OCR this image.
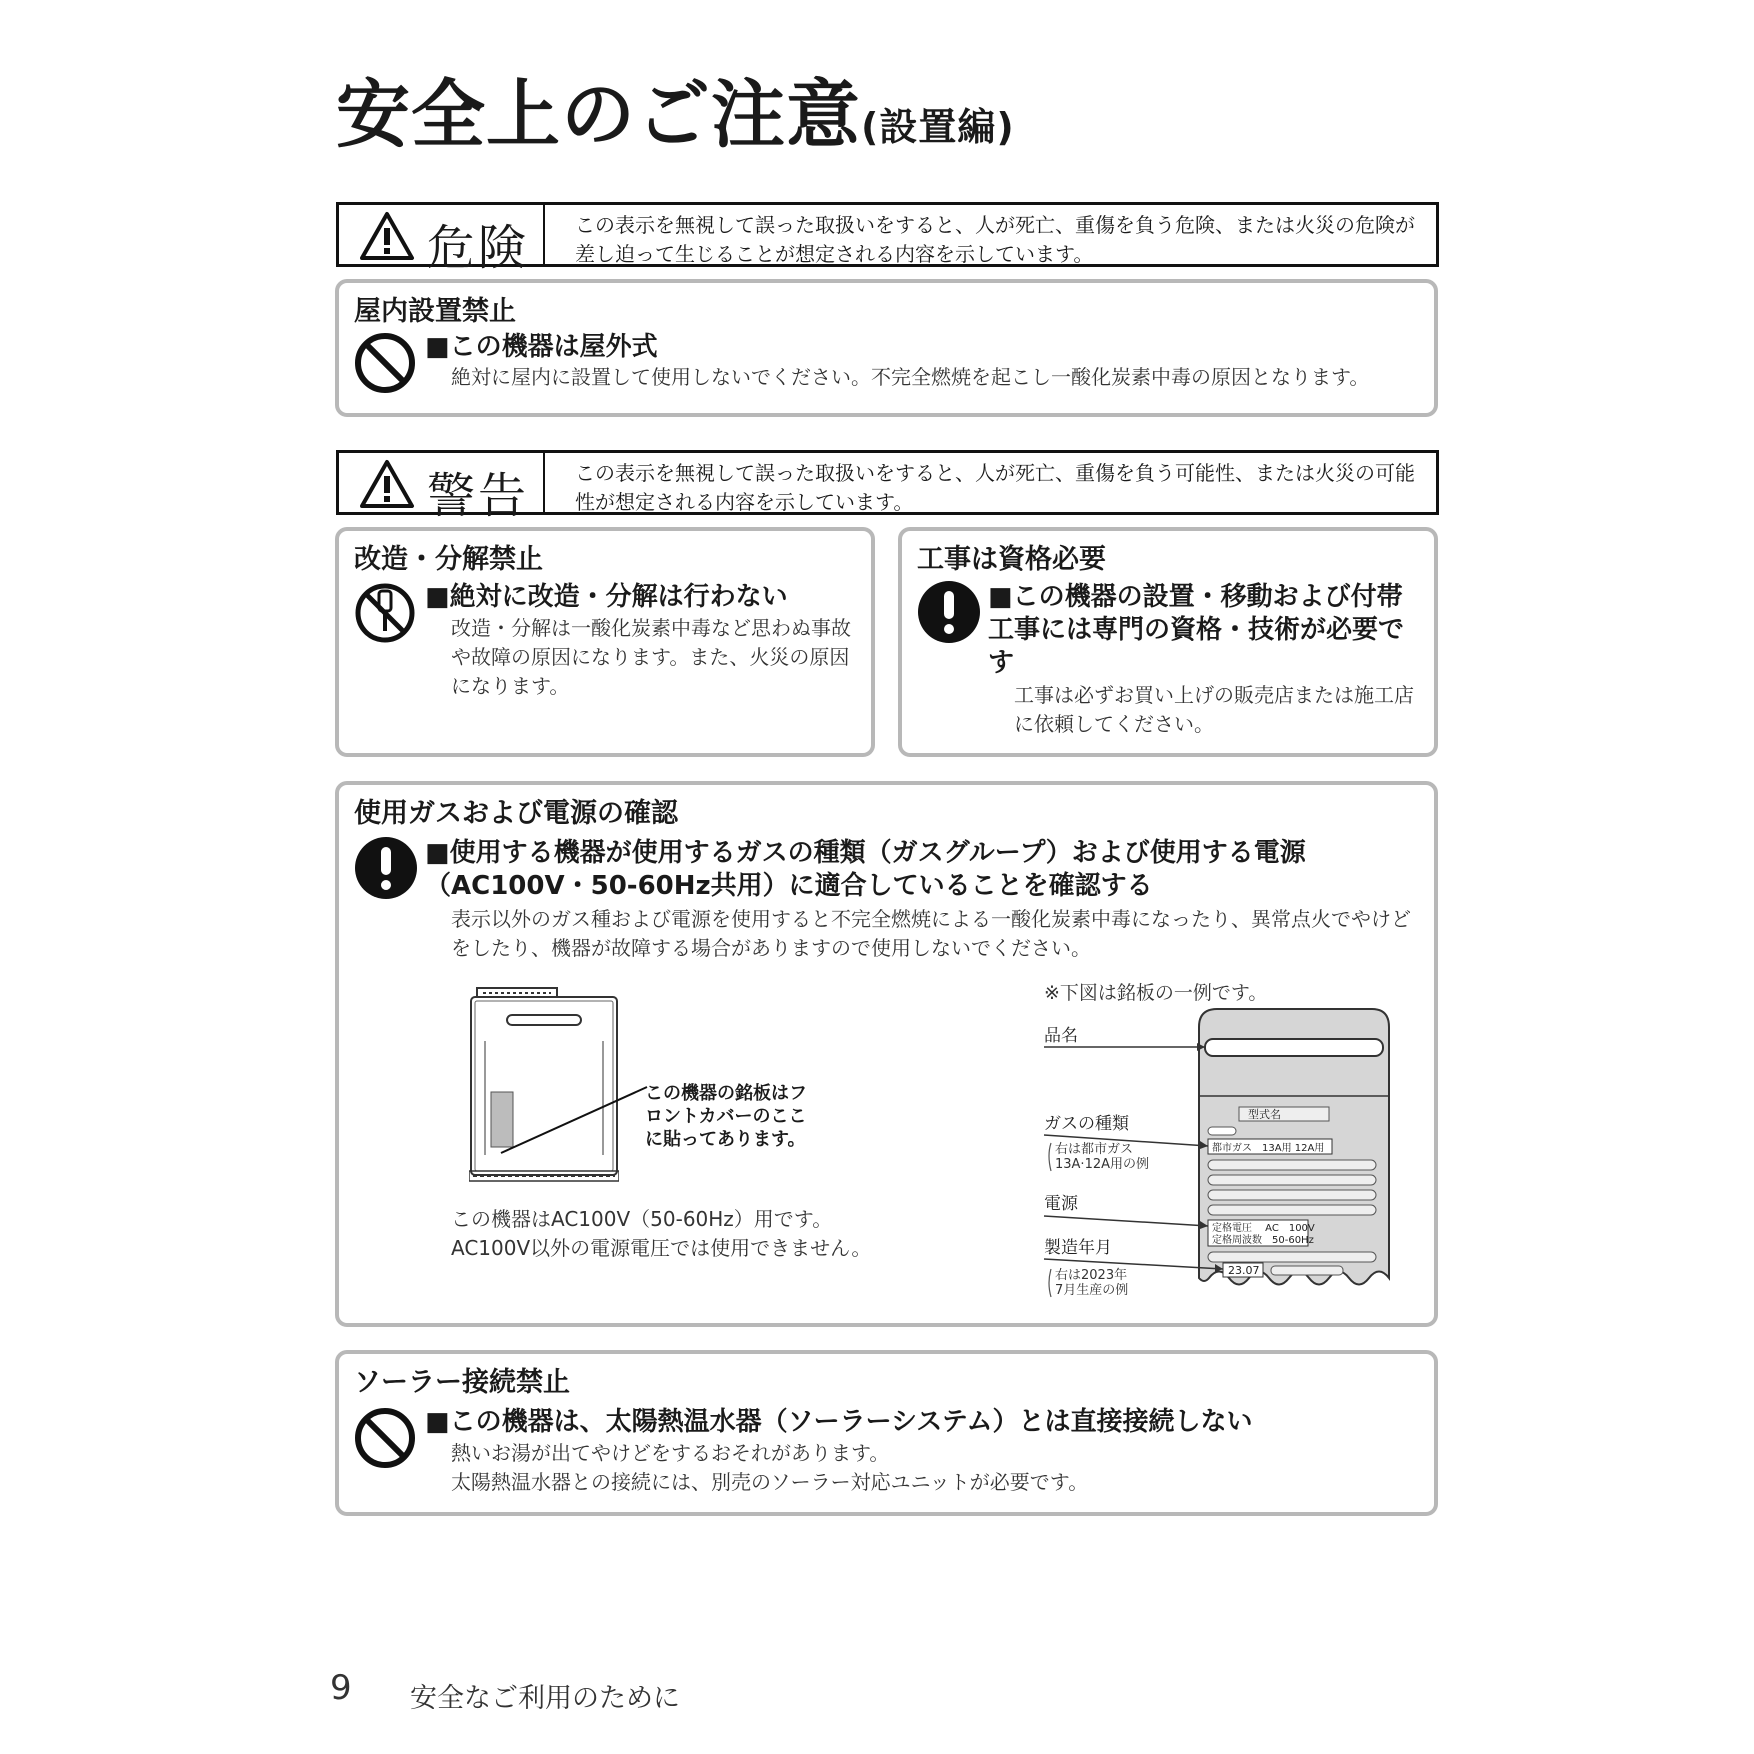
安全上のご注意(設置編)
危険 この表示を無視して誤った取扱いをすると、人が死亡、重傷を負う危険、または火災の危険が差し迫って生じることが想定される内容を示しています。
屋内設置禁止
■この機器は屋外式
絶対に屋内に設置して使用しないでください。不完全燃焼を起こし一酸化炭素中毒の原因となります。
警告 この表示を無視して誤った取扱いをすると、人が死亡、重傷を負う可能性、または火災の可能性が想定される内容を示しています。
改造・分解禁止
■絶対に改造・分解は行わない
改造・分解は一酸化炭素中毒など思わぬ事故や故障の原因になります。また、火災の原因になります。
工事は資格必要
■この機器の設置・移動および付帯工事には専門の資格・技術が必要です
工事は必ずお買い上げの販売店または施工店に依頼してください。
使用ガスおよび電源の確認
■使用する機器が使用するガスの種類（ガスグループ）および使用する電源（AC100V・50-60Hz共用）に適合していることを確認する
表示以外のガス種および電源を使用すると不完全燃焼による一酸化炭素中毒になったり、異常点火でやけどをしたり、機器が故障する場合がありますので使用しないでください。
この機器の銘板はフロントカバーのここに貼ってあります。
この機器はAC100V（50-60Hz）用です。
AC100V以外の電源電圧では使用できません。
※下図は銘板の一例です。
型式名
都市ガス　13A用 12A用
定格電圧　 AC　100V
定格周波数　50-60Hz
23.07
品名
ガスの種類
右は都市ガス
13A·12A用の例
電源
製造年月
右は2023年
7月生産の例
ソーラー接続禁止
■この機器は、太陽熱温水器（ソーラーシステム）とは直接接続しない
熱いお湯が出てやけどをするおそれがあります。
太陽熱温水器との接続には、別売のソーラー対応ユニットが必要です。
9 安全なご利用のために
